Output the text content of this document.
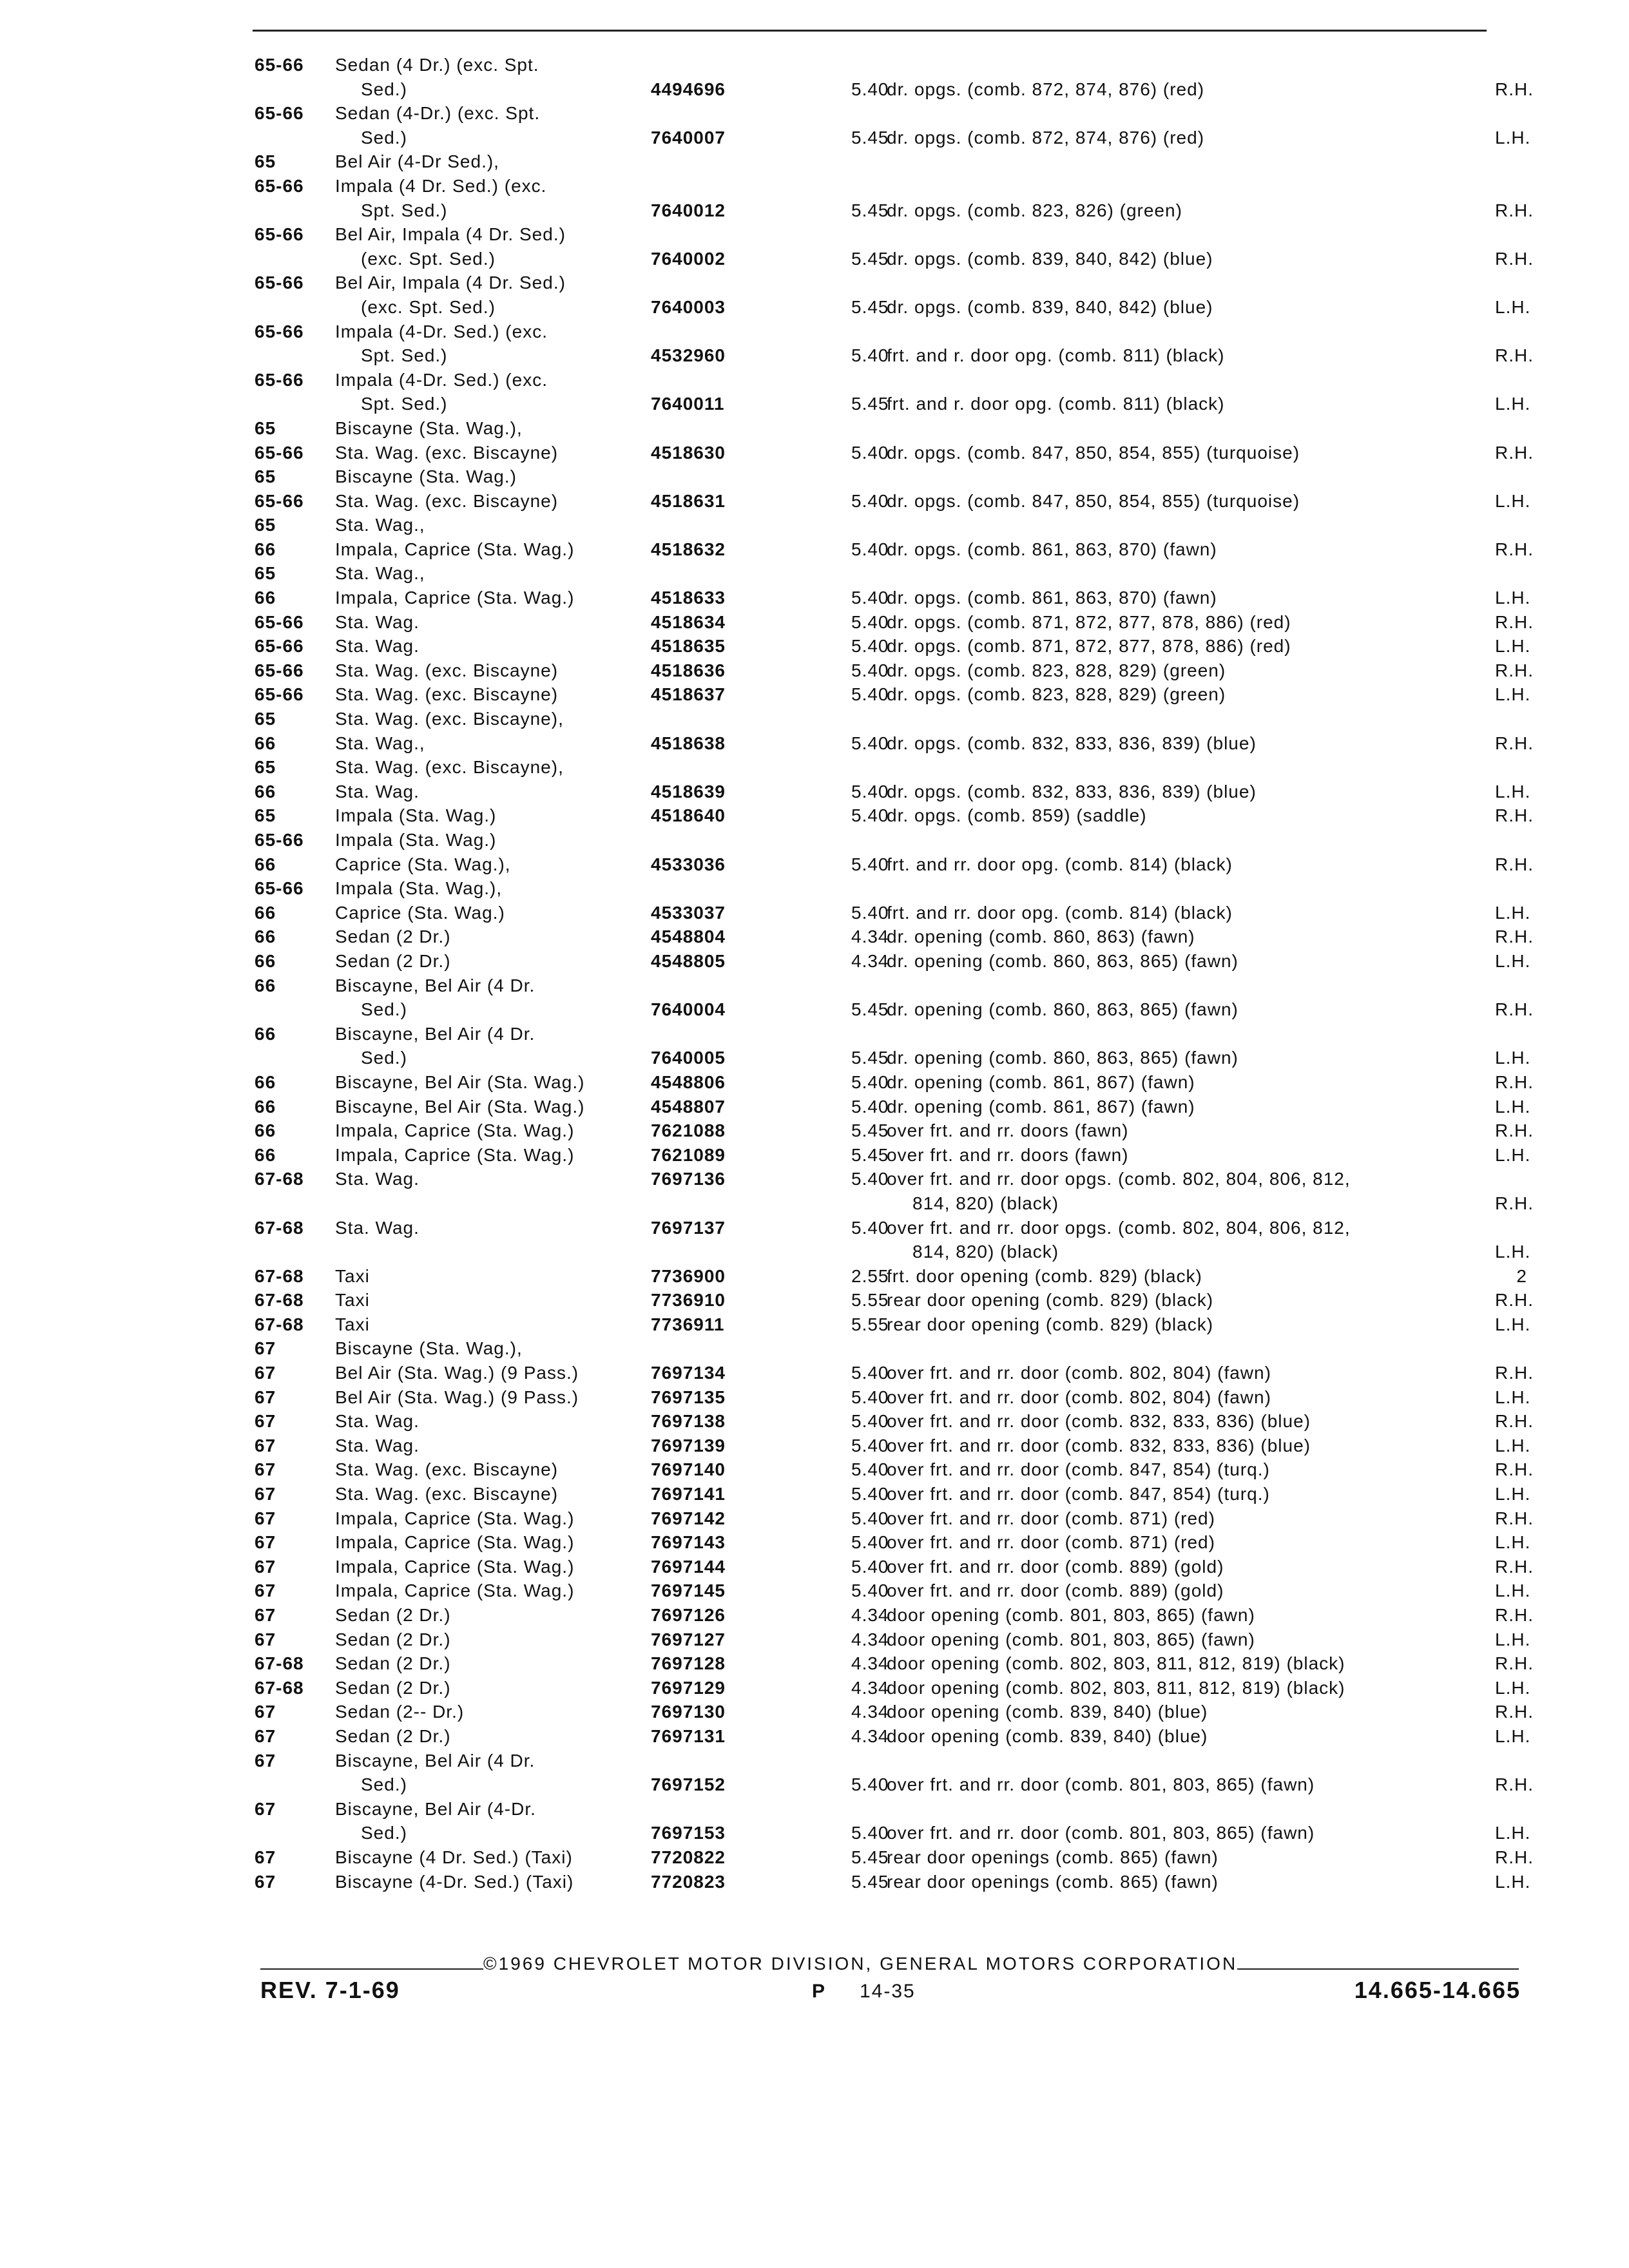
65-66	Sedan (4 Dr.) (exc. Spt.
Sed.)	4494696	5.40
dr. opgs. (comb. 872, 874, 876) (red)	R.H.
65-66	Sedan (4-Dr.) (exc. Spt.
Sed.)	7640007	5.45
dr. opgs. (comb. 872, 874, 876) (red)	L.H.
65	Bel Air (4-Dr Sed.),
65-66	Impala (4 Dr. Sed.) (exc.
Spt. Sed.)	7640012	5.45
dr. opgs. (comb. 823, 826) (green)	R.H.
65-66	Bel Air, Impala (4 Dr. Sed.)
(exc. Spt. Sed.)	7640002	5.45
dr. opgs. (comb. 839, 840, 842) (blue)	R.H.
65-66	Bel Air, Impala (4 Dr. Sed.)
(exc. Spt. Sed.)	7640003	5.45
dr. opgs. (comb. 839, 840, 842) (blue)	L.H.
65-66	Impala (4-Dr. Sed.) (exc.
Spt. Sed.)	4532960	5.40
frt. and r. door opg. (comb. 811) (black)	R.H.
65-66	Impala (4-Dr. Sed.) (exc.
Spt. Sed.)	7640011	5.45
frt. and r. door opg. (comb. 811) (black)	L.H.
65	Biscayne (Sta. Wag.),
65-66	Sta. Wag. (exc. Biscayne)	4518630	5.40
dr. opgs. (comb. 847, 850, 854, 855) (turquoise)	R.H.
65	Biscayne (Sta. Wag.)
65-66	Sta. Wag. (exc. Biscayne)	4518631	5.40
dr. opgs. (comb. 847, 850, 854, 855) (turquoise)	L.H.
65	Sta. Wag.,
66	Impala, Caprice (Sta. Wag.)	4518632	5.40
dr. opgs. (comb. 861, 863, 870) (fawn)	R.H.
65	Sta. Wag.,
66	Impala, Caprice (Sta. Wag.)	4518633	5.40
dr. opgs. (comb. 861, 863, 870) (fawn)	L.H.
65-66	Sta. Wag.	4518634	5.40
dr. opgs. (comb. 871, 872, 877, 878, 886) (red)	R.H.
65-66	Sta. Wag.	4518635	5.40
dr. opgs. (comb. 871, 872, 877, 878, 886) (red)	L.H.
65-66	Sta. Wag. (exc. Biscayne)	4518636	5.40
dr. opgs. (comb. 823, 828, 829) (green)	R.H.
65-66	Sta. Wag. (exc. Biscayne)	4518637	5.40
dr. opgs. (comb. 823, 828, 829) (green)	L.H.
65	Sta. Wag. (exc. Biscayne),
66	Sta. Wag.,	4518638	5.40
dr. opgs. (comb. 832, 833, 836, 839) (blue)	R.H.
65	Sta. Wag. (exc. Biscayne),
66	Sta. Wag.	4518639	5.40
dr. opgs. (comb. 832, 833, 836, 839) (blue)	L.H.
65	Impala (Sta. Wag.)	4518640	5.40
dr. opgs. (comb. 859) (saddle)	R.H.
65-66	Impala (Sta. Wag.)
66	Caprice (Sta. Wag.),	4533036	5.40
frt. and rr. door opg. (comb. 814) (black)	R.H.
65-66	Impala (Sta. Wag.),
66	Caprice (Sta. Wag.)	4533037	5.40
frt. and rr. door opg. (comb. 814) (black)	L.H.
66	Sedan (2 Dr.)	4548804	4.34
dr. opening (comb. 860, 863) (fawn)	R.H.
66	Sedan (2 Dr.)	4548805	4.34
dr. opening (comb. 860, 863, 865) (fawn)	L.H.
66	Biscayne, Bel Air (4 Dr.
Sed.)	7640004	5.45
dr. opening (comb. 860, 863, 865) (fawn)	R.H.
66	Biscayne, Bel Air (4 Dr.
Sed.)	7640005	5.45
dr. opening (comb. 860, 863, 865) (fawn)	L.H.
66	Biscayne, Bel Air (Sta. Wag.)	4548806	5.40
dr. opening (comb. 861, 867) (fawn)	R.H.
66	Biscayne, Bel Air (Sta. Wag.)	4548807	5.40
dr. opening (comb. 861, 867) (fawn)	L.H.
66	Impala, Caprice (Sta. Wag.)	7621088	5.45
over frt. and rr. doors (fawn)	R.H.
66	Impala, Caprice (Sta. Wag.)	7621089	5.45
over frt. and rr. doors (fawn)	L.H.
67-68	Sta. Wag.	7697136	5.40
over frt. and rr. door opgs. (comb. 802, 804, 806, 812,
814, 820) (black)	R.H.
67-68	Sta. Wag.	7697137	5.40
over frt. and rr. door opgs. (comb. 802, 804, 806, 812,
814, 820) (black)	L.H.
67-68	Taxi	7736900	2.55
frt. door opening (comb. 829) (black)	2
67-68	Taxi	7736910	5.55
rear door opening (comb. 829) (black)	R.H.
67-68	Taxi	7736911	5.55
rear door opening (comb. 829) (black)	L.H.
67	Biscayne (Sta. Wag.),
67	Bel Air (Sta. Wag.) (9 Pass.)	7697134	5.40
over frt. and rr. door (comb. 802, 804) (fawn)	R.H.
67	Bel Air (Sta. Wag.) (9 Pass.)	7697135	5.40
over frt. and rr. door (comb. 802, 804) (fawn)	L.H.
67	Sta. Wag.	7697138	5.40
over frt. and rr. door (comb. 832, 833, 836) (blue)	R.H.
67	Sta. Wag.	7697139	5.40
over frt. and rr. door (comb. 832, 833, 836) (blue)	L.H.
67	Sta. Wag. (exc. Biscayne)	7697140	5.40
over frt. and rr. door (comb. 847, 854) (turq.)	R.H.
67	Sta. Wag. (exc. Biscayne)	7697141	5.40
over frt. and rr. door (comb. 847, 854) (turq.)	L.H.
67	Impala, Caprice (Sta. Wag.)	7697142	5.40
over frt. and rr. door (comb. 871) (red)	R.H.
67	Impala, Caprice (Sta. Wag.)	7697143	5.40
over frt. and rr. door (comb. 871) (red)	L.H.
67	Impala, Caprice (Sta. Wag.)	7697144	5.40
over frt. and rr. door (comb. 889) (gold)	R.H.
67	Impala, Caprice (Sta. Wag.)	7697145	5.40
over frt. and rr. door (comb. 889) (gold)	L.H.
67	Sedan (2 Dr.)	7697126	4.34
door opening (comb. 801, 803, 865) (fawn)	R.H.
67	Sedan (2 Dr.)	7697127	4.34
door opening (comb. 801, 803, 865) (fawn)	L.H.
67-68	Sedan (2 Dr.)	7697128	4.34
door opening (comb. 802, 803, 811, 812, 819) (black)	R.H.
67-68	Sedan (2 Dr.)	7697129	4.34
door opening (comb. 802, 803, 811, 812, 819) (black)	L.H.
67	Sedan (2-- Dr.)	7697130	4.34
door opening (comb. 839, 840) (blue)	R.H.
67	Sedan (2 Dr.)	7697131	4.34
door opening (comb. 839, 840) (blue)	L.H.
67	Biscayne, Bel Air (4 Dr.
Sed.)	7697152	5.40
over frt. and rr. door (comb. 801, 803, 865) (fawn)	R.H.
67	Biscayne, Bel Air (4-Dr.
Sed.)	7697153	5.40
over frt. and rr. door (comb. 801, 803, 865) (fawn)	L.H.
67	Biscayne (4 Dr. Sed.) (Taxi)	7720822	5.45
rear door openings (comb. 865) (fawn)	R.H.
67	Biscayne (4-Dr. Sed.) (Taxi)	7720823	5.45
rear door openings (comb. 865) (fawn)	L.H.
©1969 CHEVROLET MOTOR DIVISION, GENERAL MOTORS CORPORATION
REV. 7-1-69	P 14-35	14.665-14.665
